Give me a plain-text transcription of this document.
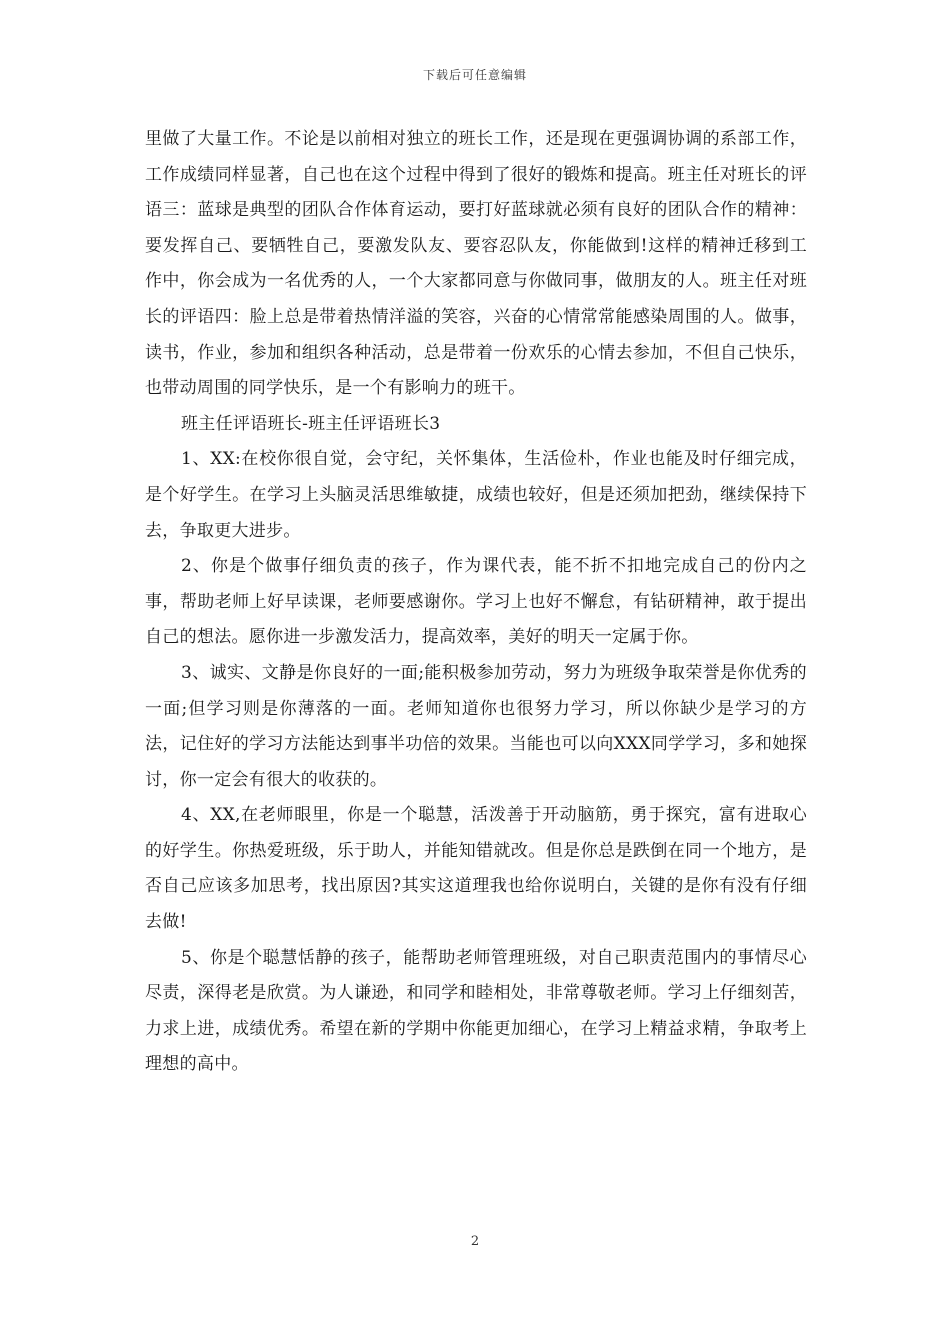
下载后可任意编辑

里做了大量工作。不论是以前相对独立的班长工作，还是现在更强调协调的系部工作，工作成绩同样显著，自己也在这个过程中得到了很好的锻炼和提高。班主任对班长的评语三：蓝球是典型的团队合作体育运动，要打好蓝球就必须有良好的团队合作的精神：要发挥自己、要牺牲自己，要激发队友、要容忍队友，你能做到!这样的精神迁移到工作中，你会成为一名优秀的人，一个大家都同意与你做同事，做朋友的人。班主任对班长的评语四：脸上总是带着热情洋溢的笑容，兴奋的心情常常能感染周围的人。做事，读书，作业，参加和组织各种活动，总是带着一份欢乐的心情去参加，不但自己快乐，也带动周围的同学快乐，是一个有影响力的班干。

班主任评语班长-班主任评语班长3

1、XX:在校你很自觉，会守纪，关怀集体，生活俭朴，作业也能及时仔细完成，是个好学生。在学习上头脑灵活思维敏捷，成绩也较好，但是还须加把劲，继续保持下去，争取更大进步。

2、你是个做事仔细负责的孩子，作为课代表，能不折不扣地完成自己的份内之事，帮助老师上好早读课，老师要感谢你。学习上也好不懈怠，有钻研精神，敢于提出自己的想法。愿你进一步激发活力，提高效率，美好的明天一定属于你。

3、诚实、文静是你良好的一面;能积极参加劳动，努力为班级争取荣誉是你优秀的一面;但学习则是你薄落的一面。老师知道你也很努力学习，所以你缺少是学习的方法，记住好的学习方法能达到事半功倍的效果。当能也可以向XXX同学学习，多和她探讨，你一定会有很大的收获的。

4、XX,在老师眼里，你是一个聪慧，活泼善于开动脑筋，勇于探究，富有进取心的好学生。你热爱班级，乐于助人，并能知错就改。但是你总是跌倒在同一个地方，是否自己应该多加思考，找出原因?其实这道理我也给你说明白，关键的是你有没有仔细去做!

5、你是个聪慧恬静的孩子，能帮助老师管理班级，对自己职责范围内的事情尽心尽责，深得老是欣赏。为人谦逊，和同学和睦相处，非常尊敬老师。学习上仔细刻苦，力求上进，成绩优秀。希望在新的学期中你能更加细心，在学习上精益求精，争取考上理想的高中。

2
